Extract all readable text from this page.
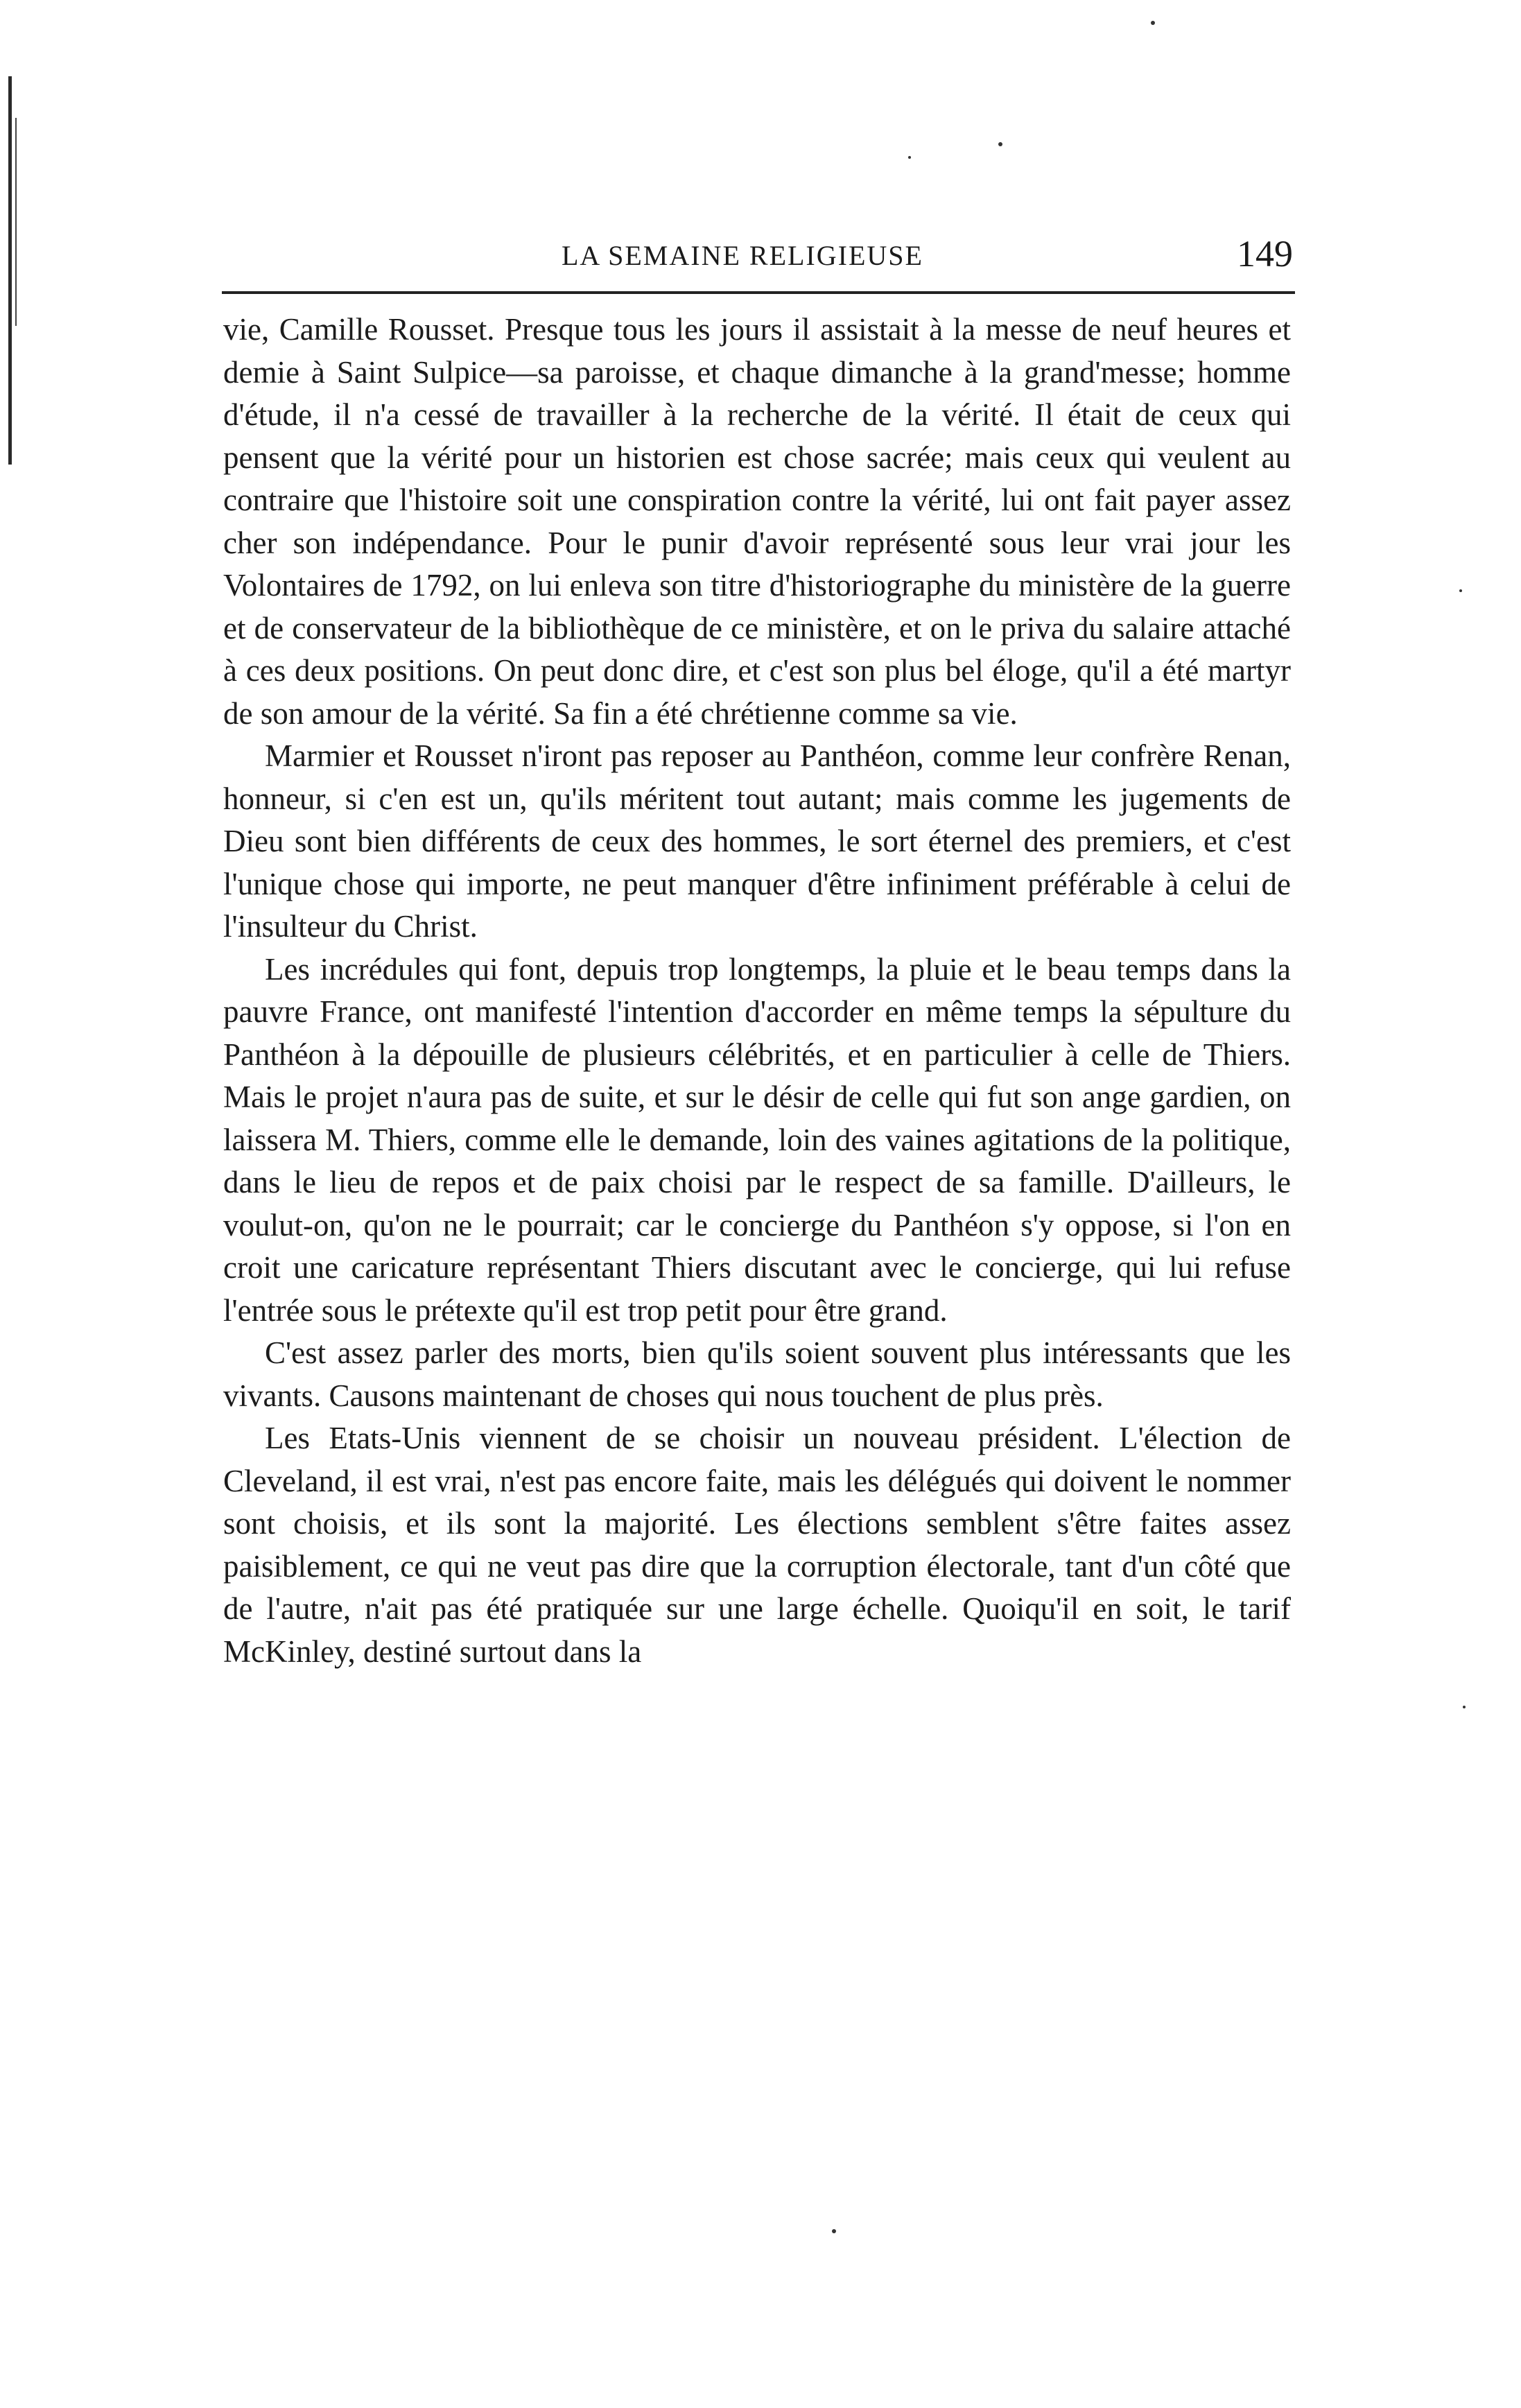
LA SEMAINE RELIGIEUSE	149

vie, Camille Rousset. Presque tous les jours il assistait à la messe de neuf heures et demie à Saint Sulpice—sa paroisse, et chaque dimanche à la grand'messe; homme d'étude, il n'a cessé de travailler à la recherche de la vérité. Il était de ceux qui pensent que la vérité pour un historien est chose sacrée; mais ceux qui veulent au contraire que l'histoire soit une conspiration contre la vérité, lui ont fait payer assez cher son indépendance. Pour le punir d'avoir représenté sous leur vrai jour les Volontaires de 1792, on lui enleva son titre d'historiographe du ministère de la guerre et de conservateur de la bibliothèque de ce ministère, et on le priva du salaire attaché à ces deux positions. On peut donc dire, et c'est son plus bel éloge, qu'il a été martyr de son amour de la vérité. Sa fin a été chrétienne comme sa vie.

Marmier et Rousset n'iront pas reposer au Panthéon, comme leur confrère Renan, honneur, si c'en est un, qu'ils méritent tout autant; mais comme les jugements de Dieu sont bien différents de ceux des hommes, le sort éternel des premiers, et c'est l'unique chose qui importe, ne peut manquer d'être infiniment préférable à celui de l'insulteur du Christ.

Les incrédules qui font, depuis trop longtemps, la pluie et le beau temps dans la pauvre France, ont manifesté l'intention d'accorder en même temps la sépulture du Panthéon à la dépouille de plusieurs célébrités, et en particulier à celle de Thiers. Mais le projet n'aura pas de suite, et sur le désir de celle qui fut son ange gardien, on laissera M. Thiers, comme elle le demande, loin des vaines agitations de la politique, dans le lieu de repos et de paix choisi par le respect de sa famille. D'ailleurs, le voulut-on, qu'on ne le pourrait; car le concierge du Panthéon s'y oppose, si l'on en croit une caricature représentant Thiers discutant avec le concierge, qui lui refuse l'entrée sous le prétexte qu'il est trop petit pour être grand.

C'est assez parler des morts, bien qu'ils soient souvent plus intéressants que les vivants. Causons maintenant de choses qui nous touchent de plus près.

Les Etats-Unis viennent de se choisir un nouveau président. L'élection de Cleveland, il est vrai, n'est pas encore faite, mais les délégués qui doivent le nommer sont choisis, et ils sont la majorité. Les élections semblent s'être faites assez paisiblement, ce qui ne veut pas dire que la corruption électorale, tant d'un côté que de l'autre, n'ait pas été pratiquée sur une large échelle. Quoiqu'il en soit, le tarif McKinley, destiné surtout dans la
